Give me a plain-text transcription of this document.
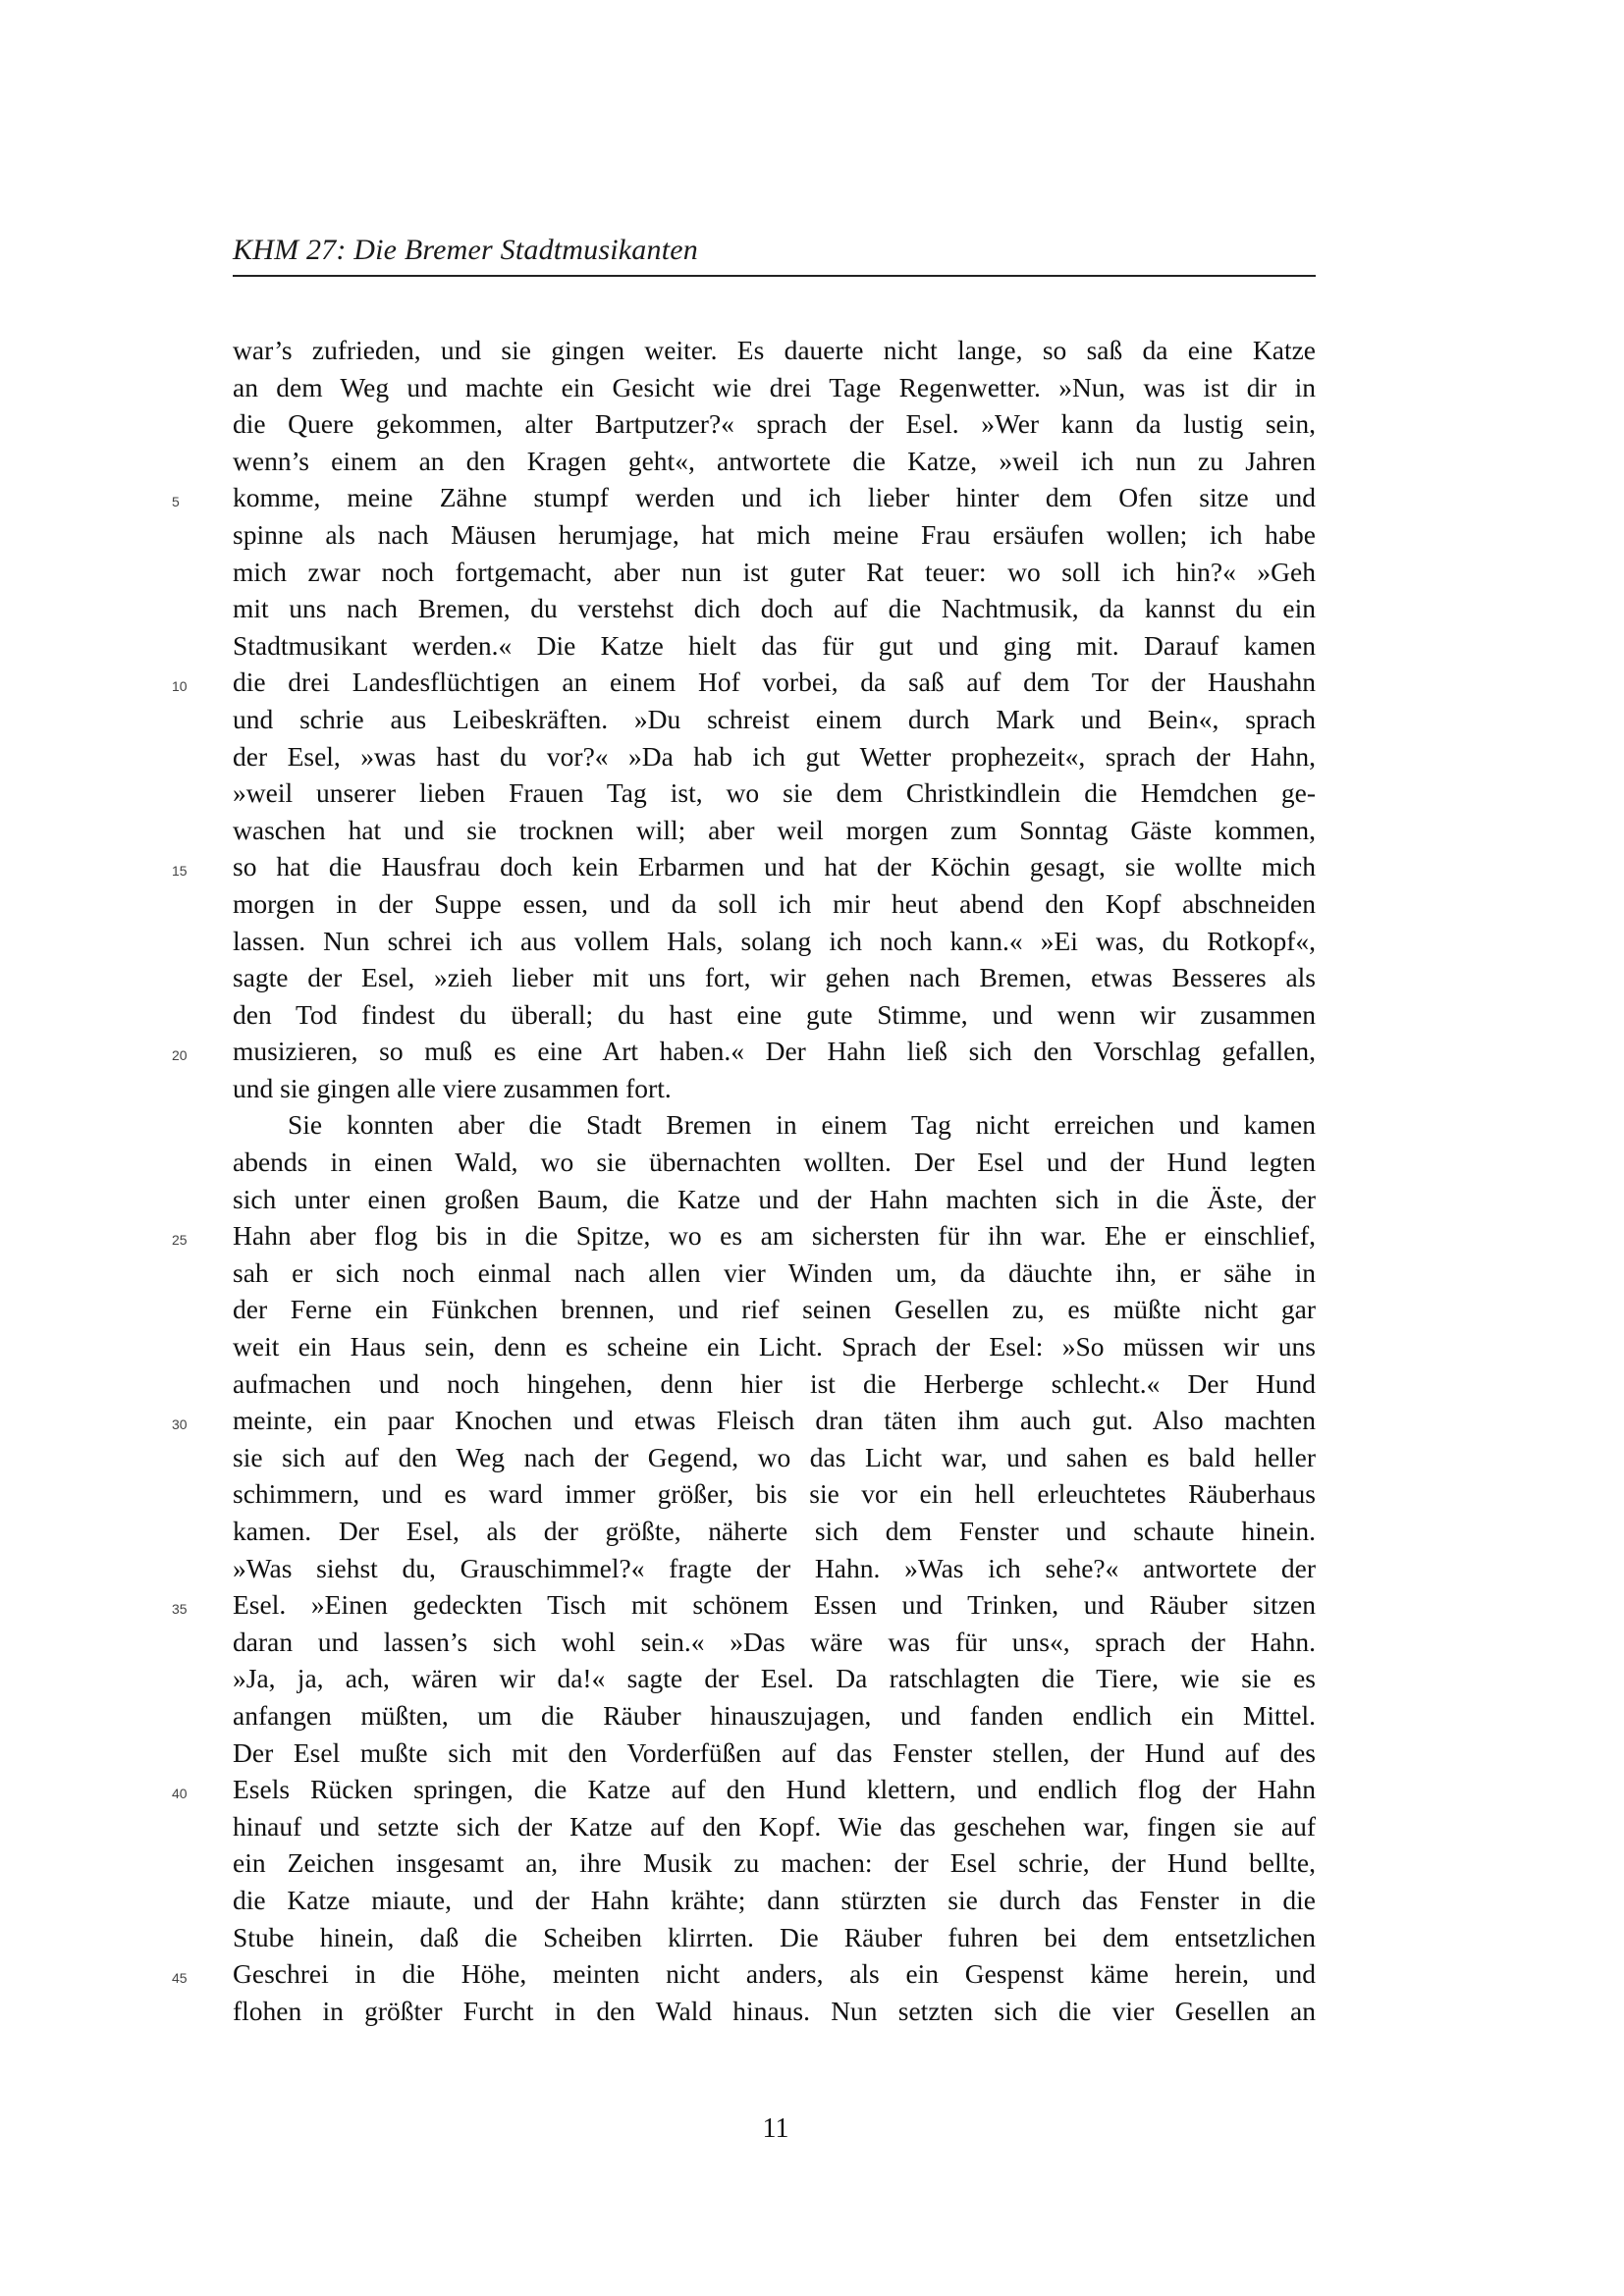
KHM 27: Die Bremer Stadtmusikanten
war’s zufrieden, und sie gingen weiter. Es dauerte nicht lange, so saß da eine Katze
an dem Weg und machte ein Gesicht wie drei Tage Regenwetter. »Nun, was ist dir in
die Quere gekommen, alter Bartputzer?« sprach der Esel. »Wer kann da lustig sein,
wenn’s einem an den Kragen geht«, antwortete die Katze, »weil ich nun zu Jahren
5	komme, meine Zähne stumpf werden und ich lieber hinter dem Ofen sitze und
spinne als nach Mäusen herumjage, hat mich meine Frau ersäufen wollen; ich habe
mich zwar noch fortgemacht, aber nun ist guter Rat teuer: wo soll ich hin?« »Geh
mit uns nach Bremen, du verstehst dich doch auf die Nachtmusik, da kannst du ein
Stadtmusikant werden.« Die Katze hielt das für gut und ging mit. Darauf kamen
10	die drei Landesflüchtigen an einem Hof vorbei, da saß auf dem Tor der Haushahn
und schrie aus Leibeskräften. »Du schreist einem durch Mark und Bein«, sprach
der Esel, »was hast du vor?« »Da hab ich gut Wetter prophezeit«, sprach der Hahn,
»weil unserer lieben Frauen Tag ist, wo sie dem Christkindlein die Hemdchen ge-
waschen hat und sie trocknen will; aber weil morgen zum Sonntag Gäste kommen,
15	so hat die Hausfrau doch kein Erbarmen und hat der Köchin gesagt, sie wollte mich
morgen in der Suppe essen, und da soll ich mir heut abend den Kopf abschneiden
lassen. Nun schrei ich aus vollem Hals, solang ich noch kann.« »Ei was, du Rotkopf«,
sagte der Esel, »zieh lieber mit uns fort, wir gehen nach Bremen, etwas Besseres als
den Tod findest du überall; du hast eine gute Stimme, und wenn wir zusammen
20	musizieren, so muß es eine Art haben.« Der Hahn ließ sich den Vorschlag gefallen,
und sie gingen alle viere zusammen fort.
Sie konnten aber die Stadt Bremen in einem Tag nicht erreichen und kamen
abends in einen Wald, wo sie übernachten wollten. Der Esel und der Hund legten
sich unter einen großen Baum, die Katze und der Hahn machten sich in die Äste, der
25	Hahn aber flog bis in die Spitze, wo es am sichersten für ihn war. Ehe er einschlief,
sah er sich noch einmal nach allen vier Winden um, da däuchte ihn, er sähe in
der Ferne ein Fünkchen brennen, und rief seinen Gesellen zu, es müßte nicht gar
weit ein Haus sein, denn es scheine ein Licht. Sprach der Esel: »So müssen wir uns
aufmachen und noch hingehen, denn hier ist die Herberge schlecht.« Der Hund
30	meinte, ein paar Knochen und etwas Fleisch dran täten ihm auch gut. Also machten
sie sich auf den Weg nach der Gegend, wo das Licht war, und sahen es bald heller
schimmern, und es ward immer größer, bis sie vor ein hell erleuchtetes Räuberhaus
kamen. Der Esel, als der größte, näherte sich dem Fenster und schaute hinein.
»Was siehst du, Grauschimmel?« fragte der Hahn. »Was ich sehe?« antwortete der
35	Esel. »Einen gedeckten Tisch mit schönem Essen und Trinken, und Räuber sitzen
daran und lassen’s sich wohl sein.« »Das wäre was für uns«, sprach der Hahn.
»Ja, ja, ach, wären wir da!« sagte der Esel. Da ratschlagten die Tiere, wie sie es
anfangen müßten, um die Räuber hinauszujagen, und fanden endlich ein Mittel.
Der Esel mußte sich mit den Vorderfüßen auf das Fenster stellen, der Hund auf des
40	Esels Rücken springen, die Katze auf den Hund klettern, und endlich flog der Hahn
hinauf und setzte sich der Katze auf den Kopf. Wie das geschehen war, fingen sie auf
ein Zeichen insgesamt an, ihre Musik zu machen: der Esel schrie, der Hund bellte,
die Katze miaute, und der Hahn krähte; dann stürzten sie durch das Fenster in die
Stube hinein, daß die Scheiben klirrten. Die Räuber fuhren bei dem entsetzlichen
45	Geschrei in die Höhe, meinten nicht anders, als ein Gespenst käme herein, und
flohen in größter Furcht in den Wald hinaus. Nun setzten sich die vier Gesellen an
11
